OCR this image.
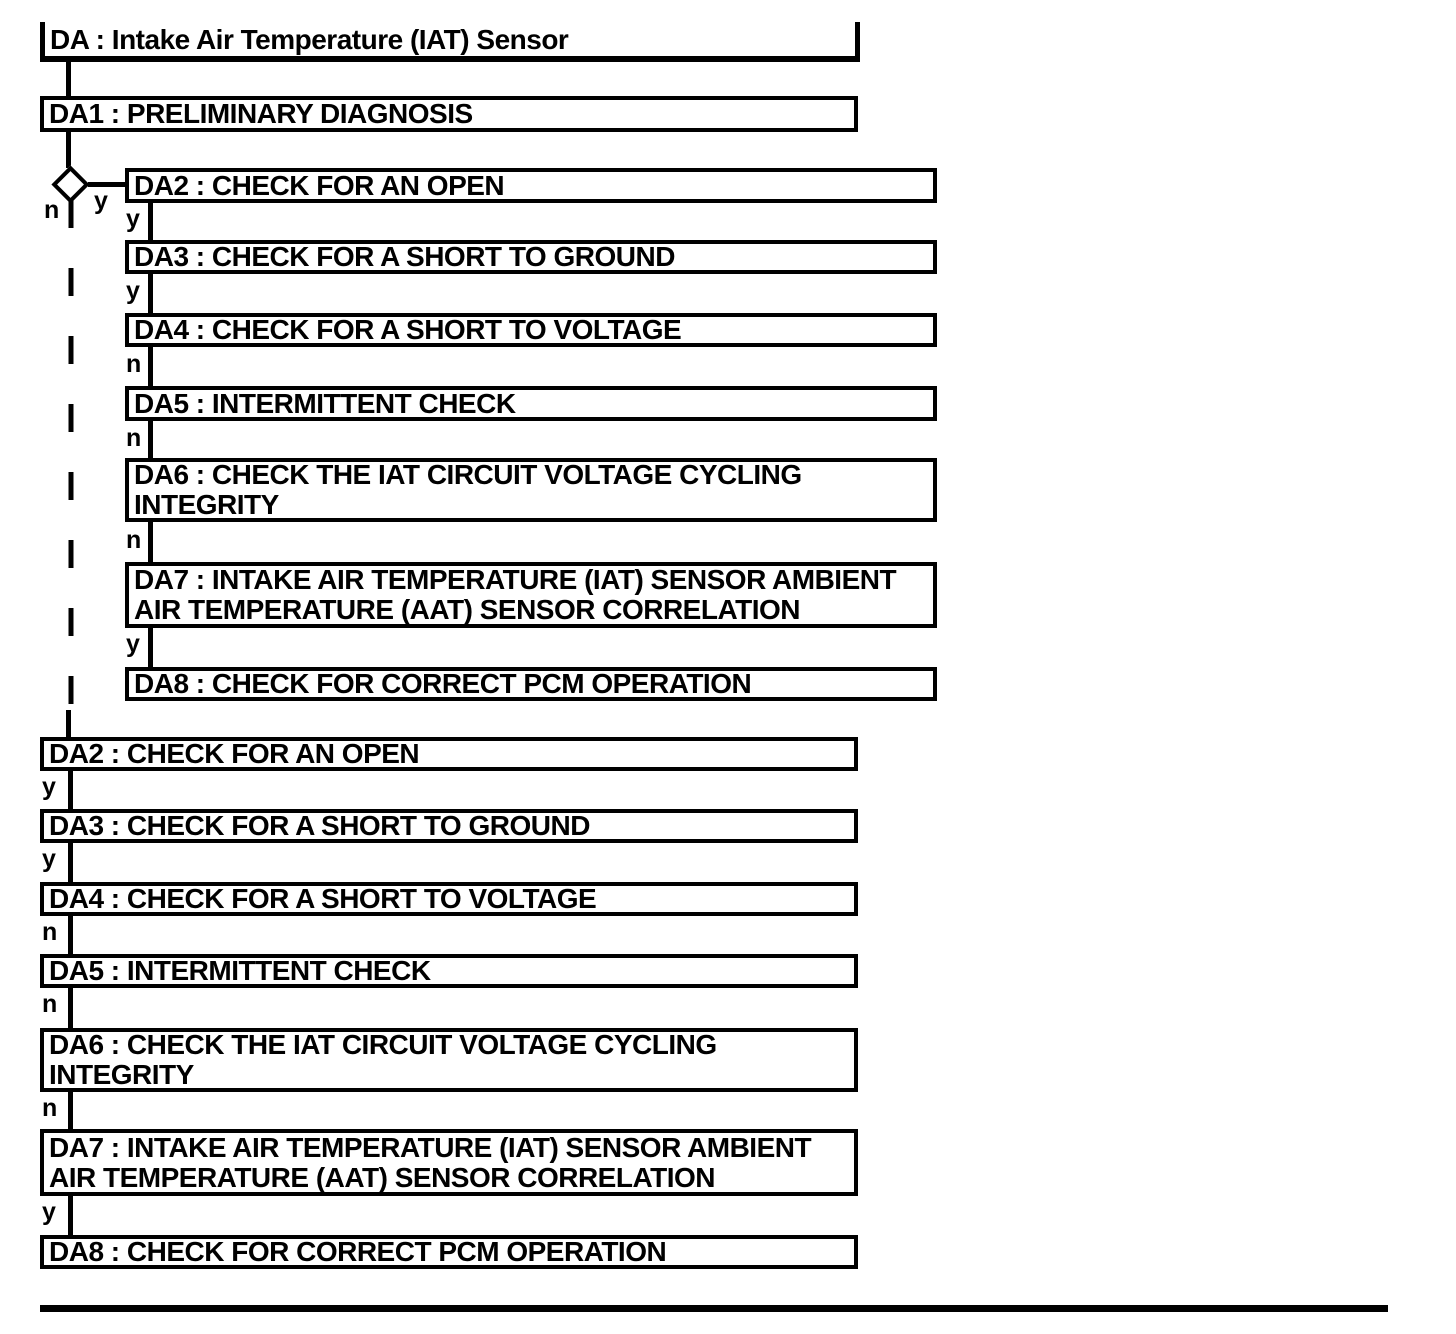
DA : Intake Air Temperature (IAT) Sensor
DA1 : PRELIMINARY DIAGNOSIS
y
n
DA2 : CHECK FOR AN OPEN
y
DA3 : CHECK FOR A SHORT TO GROUND
y
DA4 : CHECK FOR A SHORT TO VOLTAGE
n
DA5 : INTERMITTENT CHECK
n
DA6 : CHECK THE IAT CIRCUIT VOLTAGE CYCLING INTEGRITY
n
DA7 : INTAKE AIR TEMPERATURE (IAT) SENSOR AMBIENT AIR TEMPERATURE (AAT) SENSOR CORRELATION
y
DA8 : CHECK FOR CORRECT PCM OPERATION
DA2 : CHECK FOR AN OPEN
y
DA3 : CHECK FOR A SHORT TO GROUND
y
DA4 : CHECK FOR A SHORT TO VOLTAGE
n
DA5 : INTERMITTENT CHECK
n
DA6 : CHECK THE IAT CIRCUIT VOLTAGE CYCLING INTEGRITY
n
DA7 : INTAKE AIR TEMPERATURE (IAT) SENSOR AMBIENT AIR TEMPERATURE (AAT) SENSOR CORRELATION
y
DA8 : CHECK FOR CORRECT PCM OPERATION
